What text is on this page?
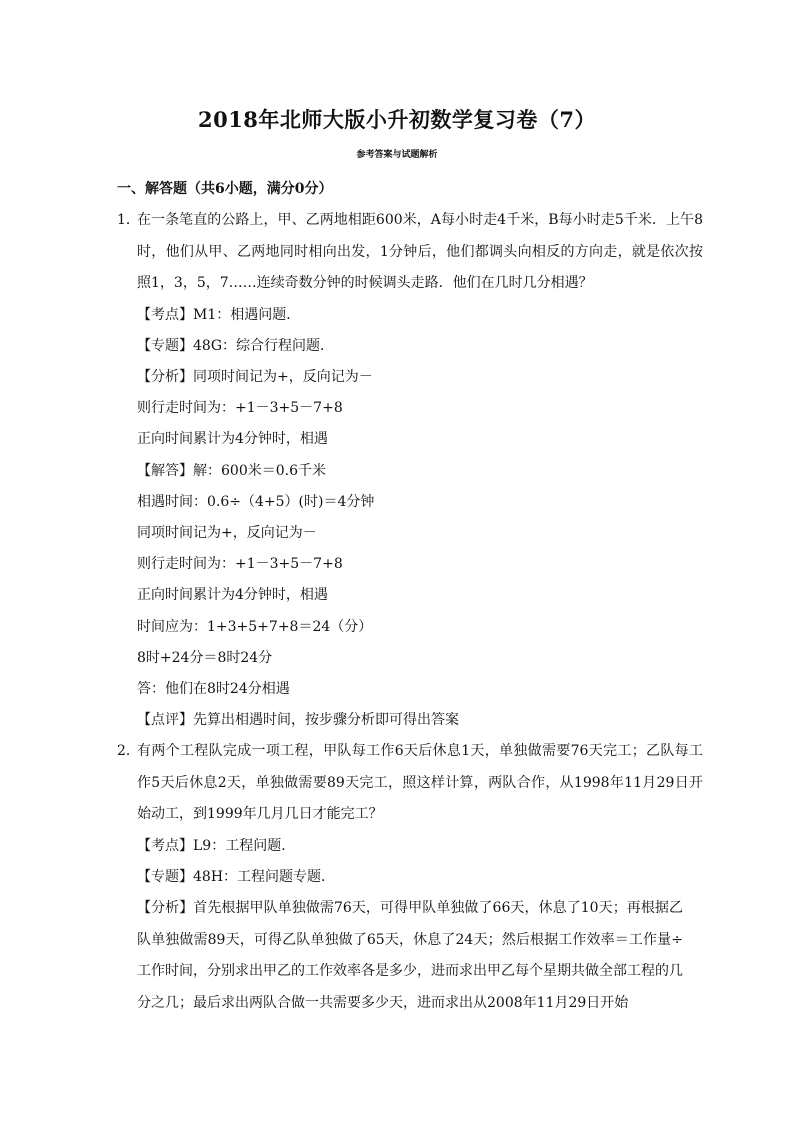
2018年北师大版小升初数学复习卷（7）
参考答案与试题解析
一、解答题（共6小题，满分0分）
1．
在一条笔直的公路上，甲、乙两地相距600米，A每小时走4千米，B每小时走5千米．上午8时，他们从甲、乙两地同时相向出发，1分钟后，他们都调头向相反的方向走，就是依次按照1，3，5，7……连续奇数分钟的时候调头走路．他们在几时几分相遇？
【考点】M1：相遇问题．
【专题】48G：综合行程问题．
【分析】同项时间记为+，反向记为－
则行走时间为：+1－3+5－7+8
正向时间累计为4分钟时，相遇
【解答】解：600米＝0.6千米
相遇时间：0.6÷（4+5）(时)＝4分钟
同项时间记为+，反向记为－
则行走时间为：+1－3+5－7+8
正向时间累计为4分钟时，相遇
时间应为：1+3+5+7+8＝24（分）
8时+24分＝8时24分
答：他们在8时24分相遇
【点评】先算出相遇时间，按步骤分析即可得出答案
2．
有两个工程队完成一项工程，甲队每工作6天后休息1天，单独做需要76天完工；乙队每工作5天后休息2天，单独做需要89天完工，照这样计算，两队合作，从1998年11月29日开始动工，到1999年几月几日才能完工？
【考点】L9：工程问题．
【专题】48H：工程问题专题．
【分析】首先根据甲队单独做需76天，可得甲队单独做了66天，休息了10天；再根据乙队单独做需89天，可得乙队单独做了65天，休息了24天；然后根据工作效率＝工作量÷工作时间，分别求出甲乙的工作效率各是多少，进而求出甲乙每个星期共做全部工程的几分之几；最后求出两队合做一共需要多少天，进而求出从2008年11月29日开始
